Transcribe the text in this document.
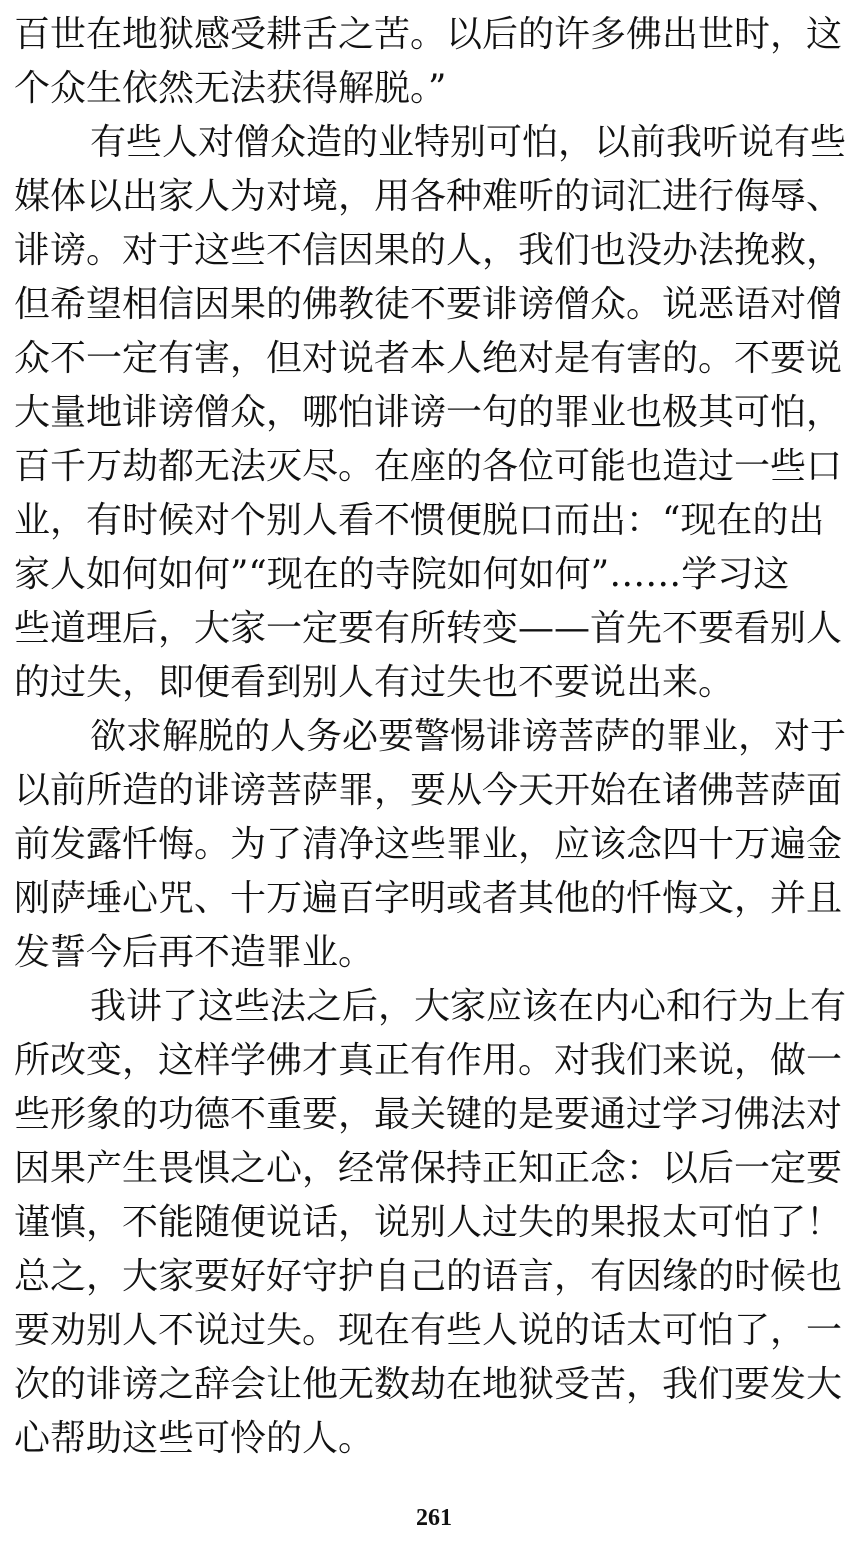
百世在地狱感受耕舌之苦。以后的许多佛出世时，这
个众生依然无法获得解脱。”
有些人对僧众造的业特别可怕，以前我听说有些
媒体以出家人为对境，用各种难听的词汇进行侮辱、
诽谤。对于这些不信因果的人，我们也没办法挽救，
但希望相信因果的佛教徒不要诽谤僧众。说恶语对僧
众不一定有害，但对说者本人绝对是有害的。不要说
大量地诽谤僧众，哪怕诽谤一句的罪业也极其可怕，
百千万劫都无法灭尽。在座的各位可能也造过一些口
业，有时候对个别人看不惯便脱口而出：“现在的出
家人如何如何”“现在的寺院如何如何”……学习这
些道理后，大家一定要有所转变——首先不要看别人
的过失，即便看到别人有过失也不要说出来。
欲求解脱的人务必要警惕诽谤菩萨的罪业，对于
以前所造的诽谤菩萨罪，要从今天开始在诸佛菩萨面
前发露忏悔。为了清净这些罪业，应该念四十万遍金
刚萨埵心咒、十万遍百字明或者其他的忏悔文，并且
发誓今后再不造罪业。
我讲了这些法之后，大家应该在内心和行为上有
所改变，这样学佛才真正有作用。对我们来说，做一
些形象的功德不重要，最关键的是要通过学习佛法对
因果产生畏惧之心，经常保持正知正念：以后一定要
谨慎，不能随便说话，说别人过失的果报太可怕了！
总之，大家要好好守护自己的语言，有因缘的时候也
要劝别人不说过失。现在有些人说的话太可怕了，一
次的诽谤之辞会让他无数劫在地狱受苦，我们要发大
心帮助这些可怜的人。
261
